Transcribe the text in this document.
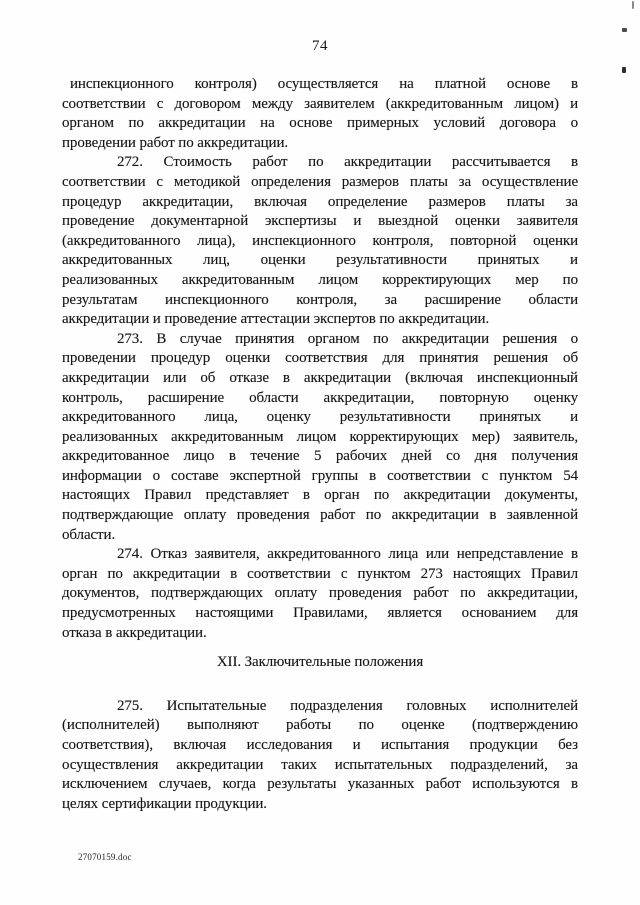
74
инспекционного контроля) осуществляется на платной основе в
соответствии с договором между заявителем (аккредитованным лицом) и
органом по аккредитации на основе примерных условий договора о
проведении работ по аккредитации.
272. Стоимость работ по аккредитации рассчитывается в
соответствии с методикой определения размеров платы за осуществление
процедур аккредитации, включая определение размеров платы за
проведение документарной экспертизы и выездной оценки заявителя
(аккредитованного лица), инспекционного контроля, повторной оценки
аккредитованных лиц, оценки результативности принятых и
реализованных аккредитованным лицом корректирующих мер по
результатам инспекционного контроля, за расширение области
аккредитации и проведение аттестации экспертов по аккредитации.
273. В случае принятия органом по аккредитации решения о
проведении процедур оценки соответствия для принятия решения об
аккредитации или об отказе в аккредитации (включая инспекционный
контроль, расширение области аккредитации, повторную оценку
аккредитованного лица, оценку результативности принятых и
реализованных аккредитованным лицом корректирующих мер) заявитель,
аккредитованное лицо в течение 5 рабочих дней со дня получения
информации о составе экспертной группы в соответствии с пунктом 54
настоящих Правил представляет в орган по аккредитации документы,
подтверждающие оплату проведения работ по аккредитации в заявленной
области.
274. Отказ заявителя, аккредитованного лица или непредставление в
орган по аккредитации в соответствии с пунктом 273 настоящих Правил
документов, подтверждающих оплату проведения работ по аккредитации,
предусмотренных настоящими Правилами, является основанием для
отказа в аккредитации.
XII. Заключительные положения
275. Испытательные подразделения головных исполнителей
(исполнителей) выполняют работы по оценке (подтверждению
соответствия), включая исследования и испытания продукции без
осуществления аккредитации таких испытательных подразделений, за
исключением случаев, когда результаты указанных работ используются в
целях сертификации продукции.
27070159.doc
